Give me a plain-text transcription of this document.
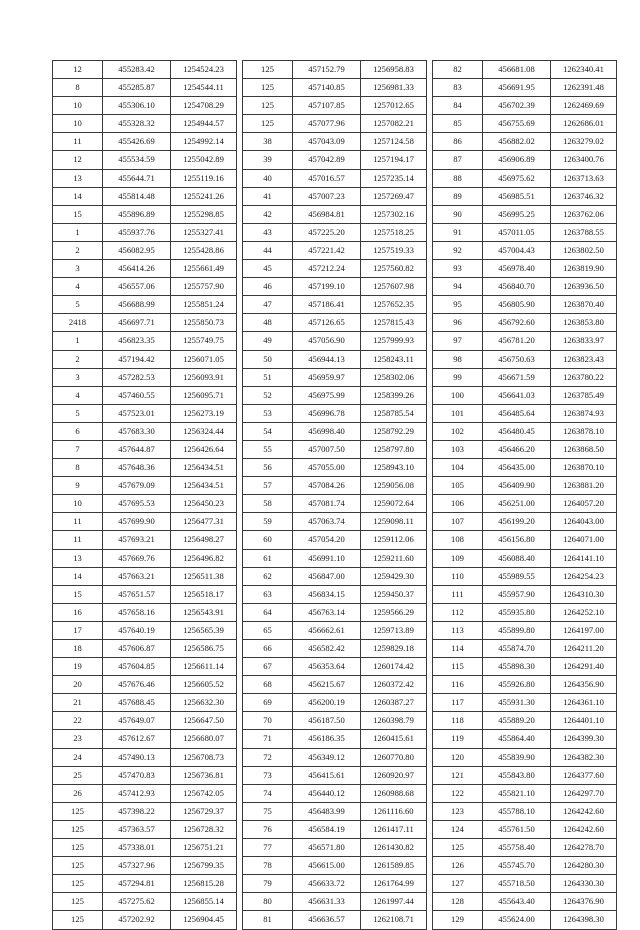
12	455283.42	1254524.23		125	457152.79	1256958.83		82	456681.08	1262340.41
8	455285.87	1254544.11		125	457140.85	1256981.33		83	456691.95	1262391.48
10	455306.10	1254708.29		125	457107.85	1257012.65		84	456702.39	1262469.69
10	455328.32	1254944.57		125	457077.96	1257082.21		85	456755.69	1262686.01
11	455426.69	1254992.14		38	457043.09	1257124.58		86	456882.02	1263279.02
12	455534.59	1255042.89		39	457042.89	1257194.17		87	456906.89	1263400.76
13	455644.71	1255119.16		40	457016.57	1257235.14		88	456975.62	1263713.63
14	455814.48	1255241.26		41	457007.23	1257269.47		89	456985.51	1263746.32
15	455896.89	1255298.85		42	456984.81	1257302.16		90	456995.25	1263762.06
1	455937.76	1255327.41		43	457225.20	1257518.25		91	457011.05	1263788.55
2	456082.95	1255428.86		44	457221.42	1257519.33		92	457004.43	1263802.50
3	456414.26	1255661.49		45	457212.24	1257560.82		93	456978.40	1263819.90
4	456557.06	1255757.90		46	457199.10	1257607.98		94	456840.70	1263936.50
5	456688.99	1255851.24		47	457186.41	1257652.35		95	456805.90	1263870.40
2418	456697.71	1255850.73		48	457126.65	1257815.43		96	456792.60	1263853.80
1	456823.35	1255749.75		49	457056.90	1257999.93		97	456781.20	1263833.97
2	457194.42	1256071.05		50	456944.13	1258243.11		98	456750.63	1263823.43
3	457282.53	1256093.91		51	456959.97	1258302.06		99	456671.59	1263780.22
4	457460.55	1256095.71		52	456975.99	1258399.26		100	456641.03	1263785.49
5	457523.01	1256273.19		53	456996.78	1258785.54		101	456485.64	1263874.93
6	457683.30	1256324.44		54	456998.40	1258792.29		102	456480.45	1263878.10
7	457644.87	1256426.64		55	457007.50	1258797.80		103	456466.20	1263868.50
8	457648.36	1256434.51		56	457055.00	1258943.10		104	456435.00	1263870.10
9	457679.09	1256434.51		57	457084.26	1259056.08		105	456409.90	1263881.20
10	457695.53	1256450.23		58	457081.74	1259072.64		106	456251.00	1264057.20
11	457699.90	1256477.31		59	457063.74	1259098.11		107	456199.20	1264043.00
11	457693.21	1256498.27		60	457054.20	1259112.06		108	456156.80	1264071.00
13	457669.76	1256496.82		61	456991.10	1259211.60		109	456088.40	1264141.10
14	457663.21	1256511.38		62	456847.00	1259429.30		110	455989.55	1264254.23
15	457651.57	1256518.17		63	456834.15	1259450.37		111	455957.90	1264310.30
16	457658.16	1256543.91		64	456763.14	1259566.29		112	455935.80	1264252.10
17	457640.19	1256565.39		65	456662.61	1259713.89		113	455899.80	1264197.00
18	457606.87	1256586.75		66	456582.42	1259829.18		114	455874.70	1264211.20
19	457604.85	1256611.14		67	456353.64	1260174.42		115	455898.30	1264291.40
20	457676.46	1256605.52		68	456215.67	1260372.42		116	455926.80	1264356.90
21	457688.45	1256632.30		69	456200.19	1260387.27		117	455931.30	1264361.10
22	457649.07	1256647.50		70	456187.50	1260398.79		118	455889.20	1264401.10
23	457612.67	1256680.07		71	456186.35	1260415.61		119	455864.40	1264399.30
24	457490.13	1256708.73		72	456349.12	1260770.80		120	455839.90	1264382.30
25	457470.83	1256736.81		73	456415.61	1260920.97		121	455843.80	1264377.60
26	457412.93	1256742.05		74	456440.12	1260988.68		122	455821.10	1264297.70
125	457398.22	1256729.37		75	456483.99	1261116.60		123	455788.10	1264242.60
125	457363.57	1256728.32		76	456584.19	1261417.11		124	455761.50	1264242.60
125	457338.01	1256751.21		77	456571.80	1261430.82		125	455758.40	1264278.70
125	457327.96	1256799.35		78	456615.00	1261589.85		126	455745.70	1264280.30
125	457294.81	1256815.28		79	456633.72	1261764.99		127	455718.50	1264330.30
125	457275.62	1256855.14		80	456631.33	1261997.44		128	455643.40	1264376.90
125	457202.92	1256904.45		81	456636.57	1262108.71		129	455624.00	1264398.30
